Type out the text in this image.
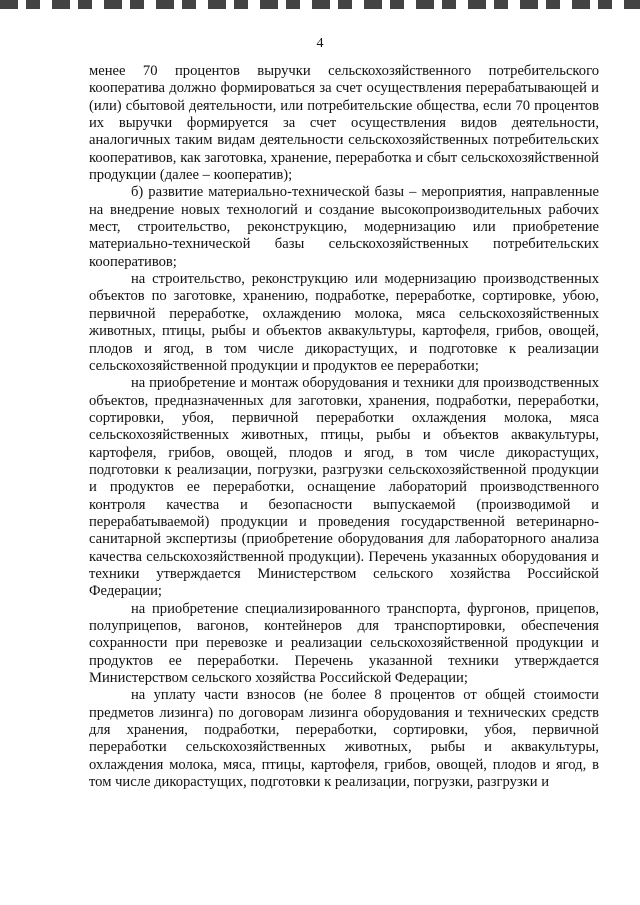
4

менее 70 процентов выручки сельскохозяйственного потребительского кооператива должно формироваться за счет осуществления перерабатывающей и (или) сбытовой деятельности, или потребительские общества, если 70 процентов их выручки формируется за счет осуществления видов деятельности, аналогичных таким видам деятельности сельскохозяйственных потребительских кооперативов, как заготовка, хранение, переработка и сбыт сельскохозяйственной продукции (далее – кооператив);

б) развитие материально-технической базы – мероприятия, направленные на внедрение новых технологий и создание высокопроизводительных рабочих мест, строительство, реконструкцию, модернизацию или приобретение материально-технической базы сельскохозяйственных потребительских кооперативов;

на строительство, реконструкцию или модернизацию производственных объектов по заготовке, хранению, подработке, переработке, сортировке, убою, первичной переработке, охлаждению молока, мяса сельскохозяйственных животных, птицы, рыбы и объектов аквакультуры, картофеля, грибов, овощей, плодов и ягод, в том числе дикорастущих, и подготовке к реализации сельскохозяйственной продукции и продуктов ее переработки;

на приобретение и монтаж оборудования и техники для производственных объектов, предназначенных для заготовки, хранения, подработки, переработки, сортировки, убоя, первичной переработки охлаждения молока, мяса сельскохозяйственных животных, птицы, рыбы и объектов аквакультуры, картофеля, грибов, овощей, плодов и ягод, в том числе дикорастущих, подготовки к реализации, погрузки, разгрузки сельскохозяйственной продукции и продуктов ее переработки, оснащение лабораторий производственного контроля качества и безопасности выпускаемой (производимой и перерабатываемой) продукции и проведения государственной ветеринарно-санитарной экспертизы (приобретение оборудования для лабораторного анализа качества сельскохозяйственной продукции). Перечень указанных оборудования и техники утверждается Министерством сельского хозяйства Российской Федерации;

на приобретение специализированного транспорта, фургонов, прицепов, полуприцепов, вагонов, контейнеров для транспортировки, обеспечения сохранности при перевозке и реализации сельскохозяйственной продукции и продуктов ее переработки. Перечень указанной техники утверждается Министерством сельского хозяйства Российской Федерации;

на уплату части взносов (не более 8 процентов от общей стоимости предметов лизинга) по договорам лизинга оборудования и технических средств для хранения, подработки, переработки, сортировки, убоя, первичной переработки сельскохозяйственных животных, рыбы и аквакультуры, охлаждения молока, мяса, птицы, картофеля, грибов, овощей, плодов и ягод, в том числе дикорастущих, подготовки к реализации, погрузки, разгрузки и
